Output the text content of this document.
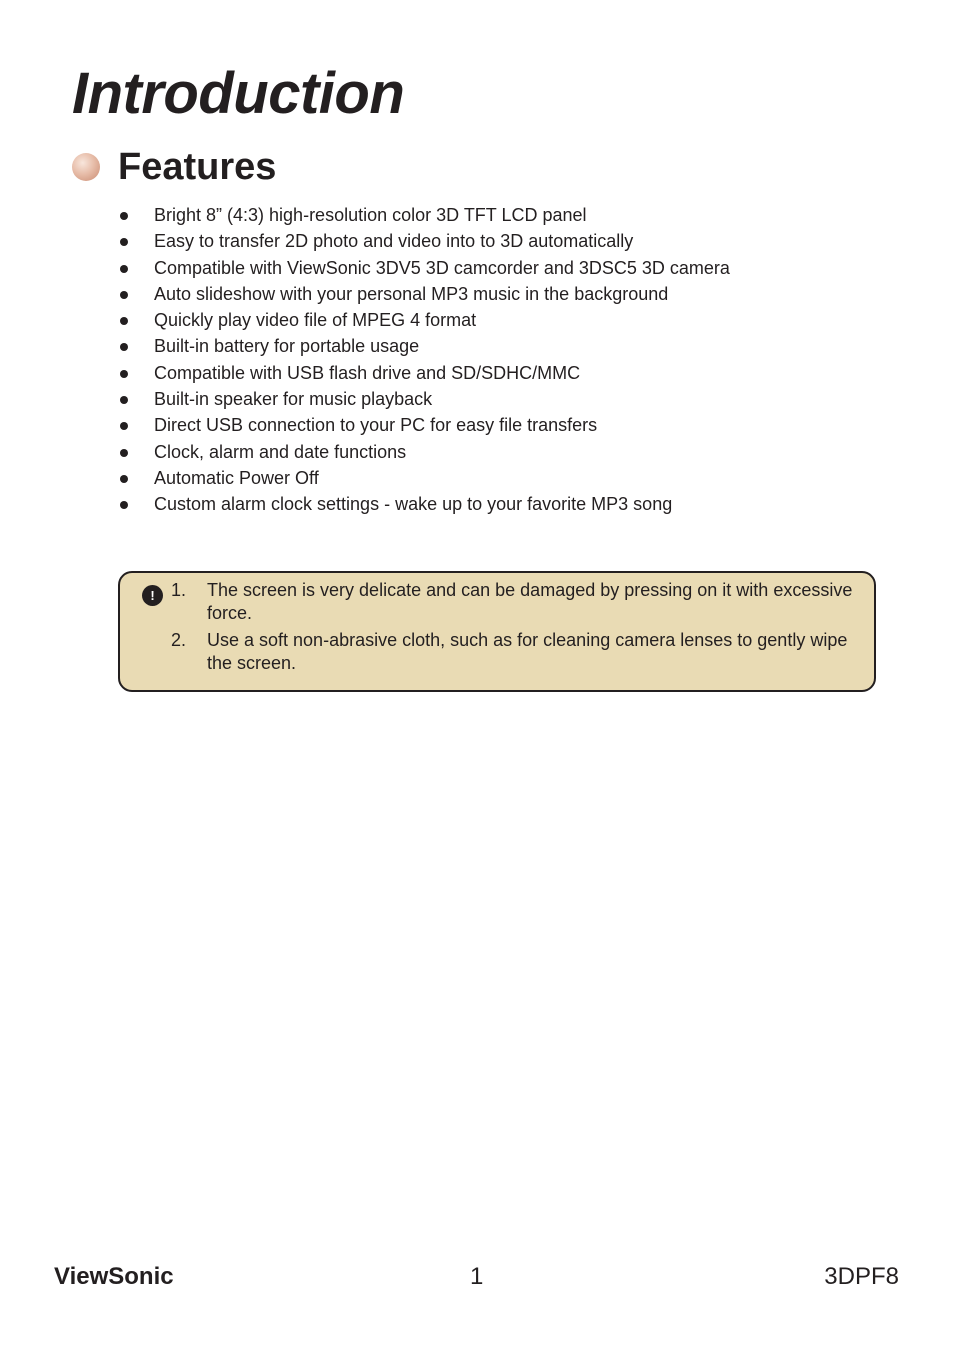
Introduction
Features
Bright 8” (4:3) high-resolution color 3D TFT LCD panel
Easy to transfer 2D photo and video into to 3D automatically
Compatible with ViewSonic 3DV5 3D camcorder and 3DSC5 3D camera
Auto slideshow with your personal MP3 music in the background
Quickly play video file of MPEG 4 format
Built-in battery for portable usage
Compatible with USB flash drive and SD/SDHC/MMC
Built-in speaker for music playback
Direct USB connection to your PC for easy file transfers
Clock, alarm and date functions
Automatic Power Off
Custom alarm clock settings - wake up to your favorite MP3 song
! 1.	The screen is very delicate and can be damaged by pressing on it with excessive force.
2.	Use a soft non-abrasive cloth, such as for cleaning camera lenses to gently wipe the screen.
ViewSonic	1	3DPF8
